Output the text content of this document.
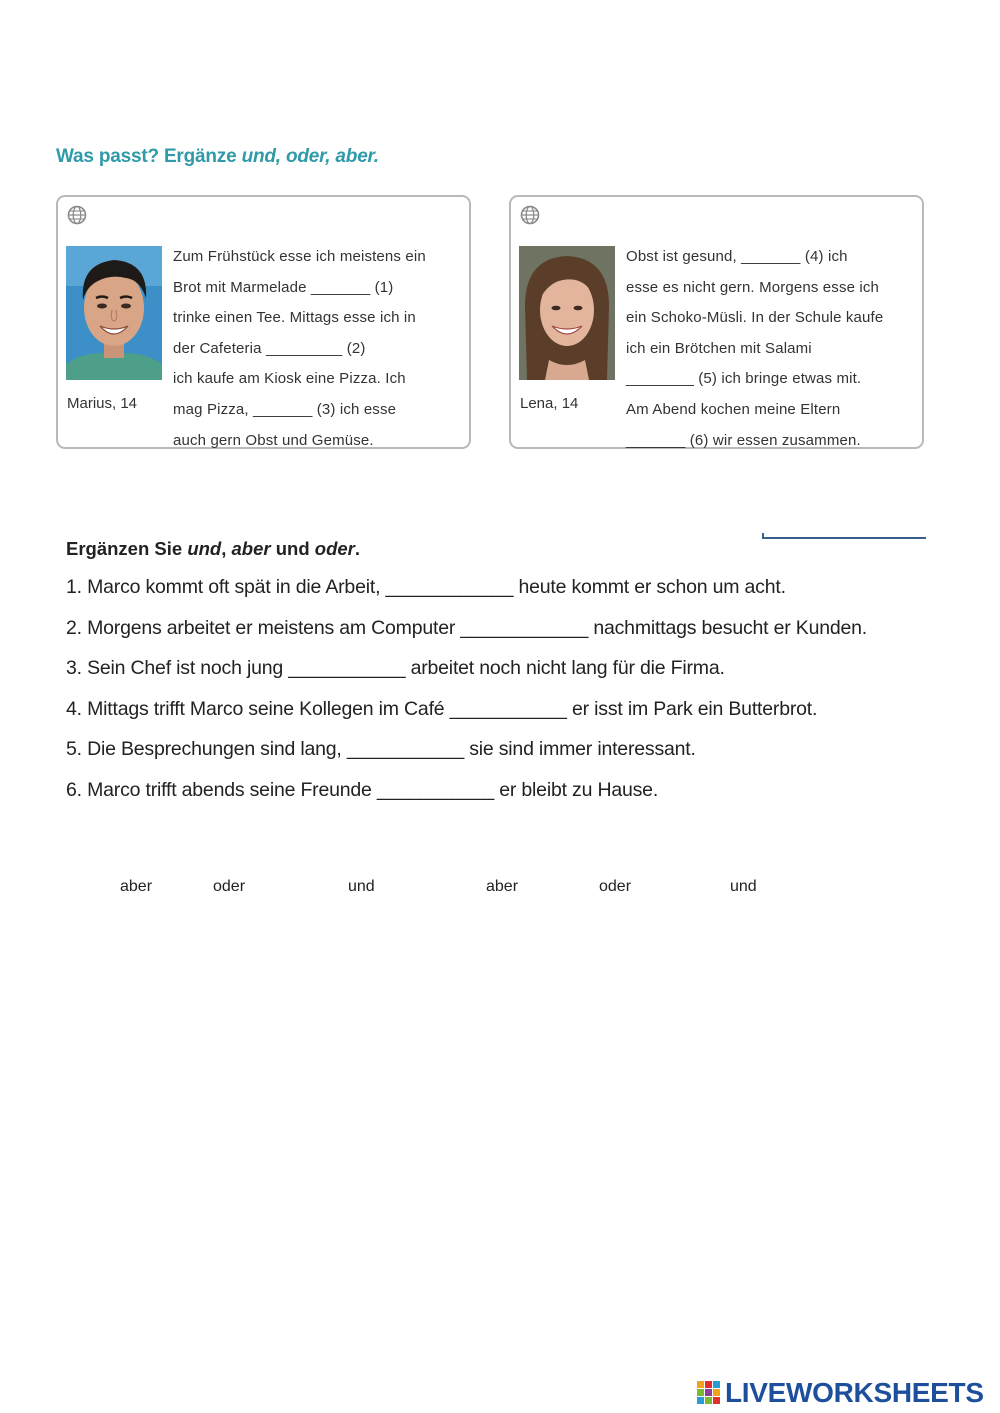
Was passt? Ergänze und, oder, aber.
Marius, 14
Zum Frühstück esse ich meistens ein
Brot mit Marmelade _______ (1)
trinke einen Tee. Mittags esse ich in
der Cafeteria _________ (2)
ich kaufe am Kiosk eine Pizza. Ich
mag Pizza, _______ (3) ich esse
auch gern Obst und Gemüse.
Lena, 14
Obst ist gesund, _______ (4) ich
esse es nicht gern. Morgens esse ich
ein Schoko-Müsli. In der Schule kaufe
ich ein Brötchen mit Salami
________ (5) ich bringe etwas mit.
Am Abend kochen meine Eltern
_______ (6) wir essen zusammen.
Ergänzen Sie und, aber und oder.
1. Marco kommt oft spät in die Arbeit, ____________ heute kommt er schon um acht.
2. Morgens arbeitet er meistens am Computer ____________ nachmittags besucht er Kunden.
3. Sein Chef ist noch jung ___________ arbeitet noch nicht lang für die Firma.
4. Mittags trifft Marco seine Kollegen im Café ___________ er isst im Park ein Butterbrot.
5. Die Besprechungen sind lang, ___________ sie sind immer interessant.
6. Marco trifft abends seine Freunde ___________ er bleibt zu Hause.
aber	oder	und	aber	oder	und
LIVEWORKSHEETS
